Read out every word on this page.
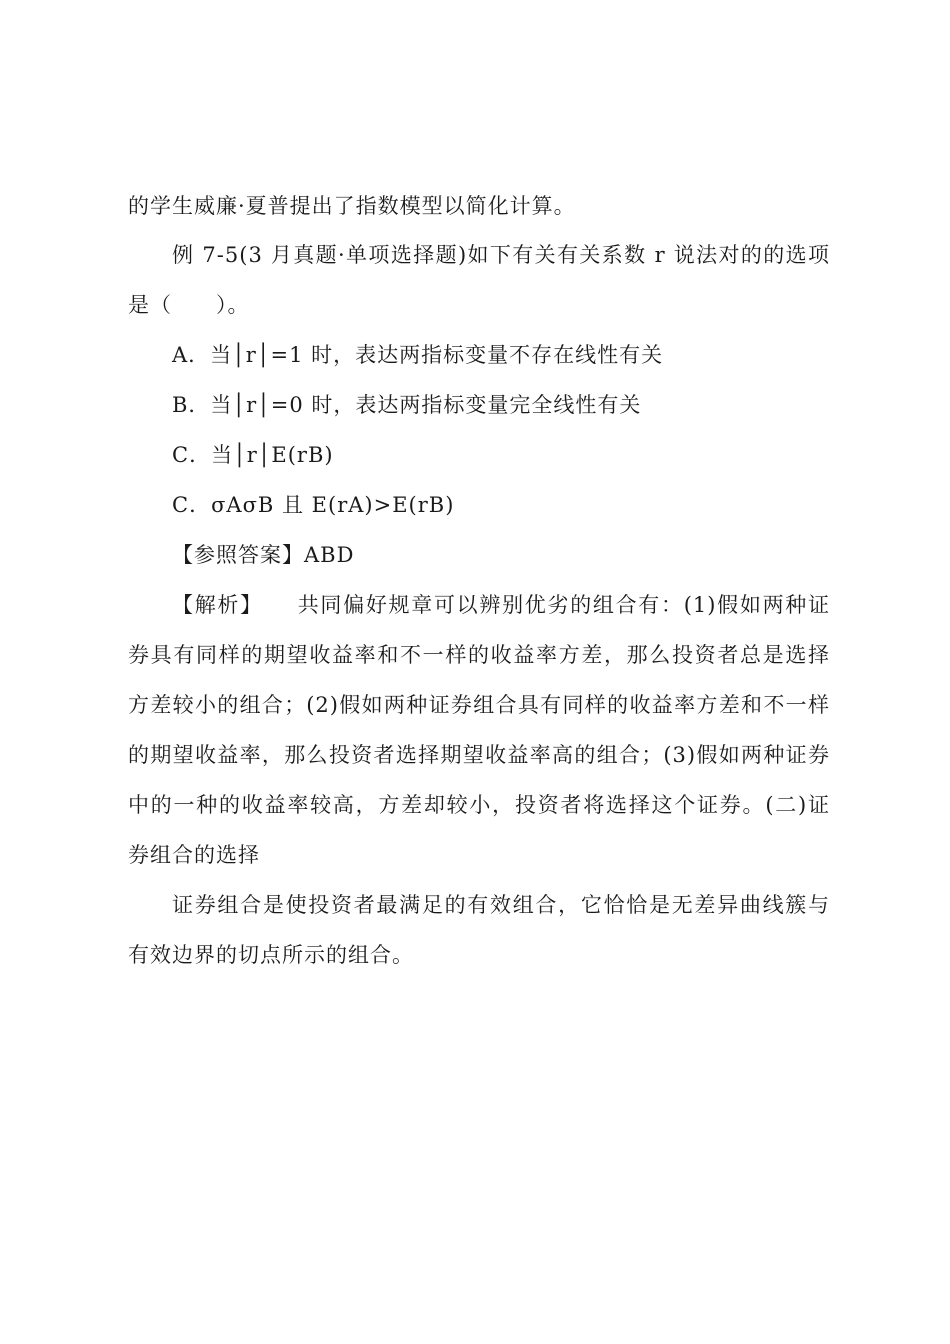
的学生威廉·夏普提出了指数模型以简化计算。
例 7-5(3 月真题·单项选择题)如下有关有关系数 r 说法对的的选项
是（　　）。
A．当│r│=1 时，表达两指标变量不存在线性有关
B．当│r│=0 时，表达两指标变量完全线性有关
C．当│r│E(rB)
C．σAσB 且 E(rA)>E(rB)
【参照答案】ABD
【解析】　　共同偏好规章可以辨别优劣的组合有：(1)假如两种证
券具有同样的期望收益率和不一样的收益率方差，那么投资者总是选择
方差较小的组合；(2)假如两种证券组合具有同样的收益率方差和不一样
的期望收益率，那么投资者选择期望收益率高的组合；(3)假如两种证券
中的一种的收益率较高，方差却较小，投资者将选择这个证券。(二)证
券组合的选择
证券组合是使投资者最满足的有效组合，它恰恰是无差异曲线簇与
有效边界的切点所示的组合。
